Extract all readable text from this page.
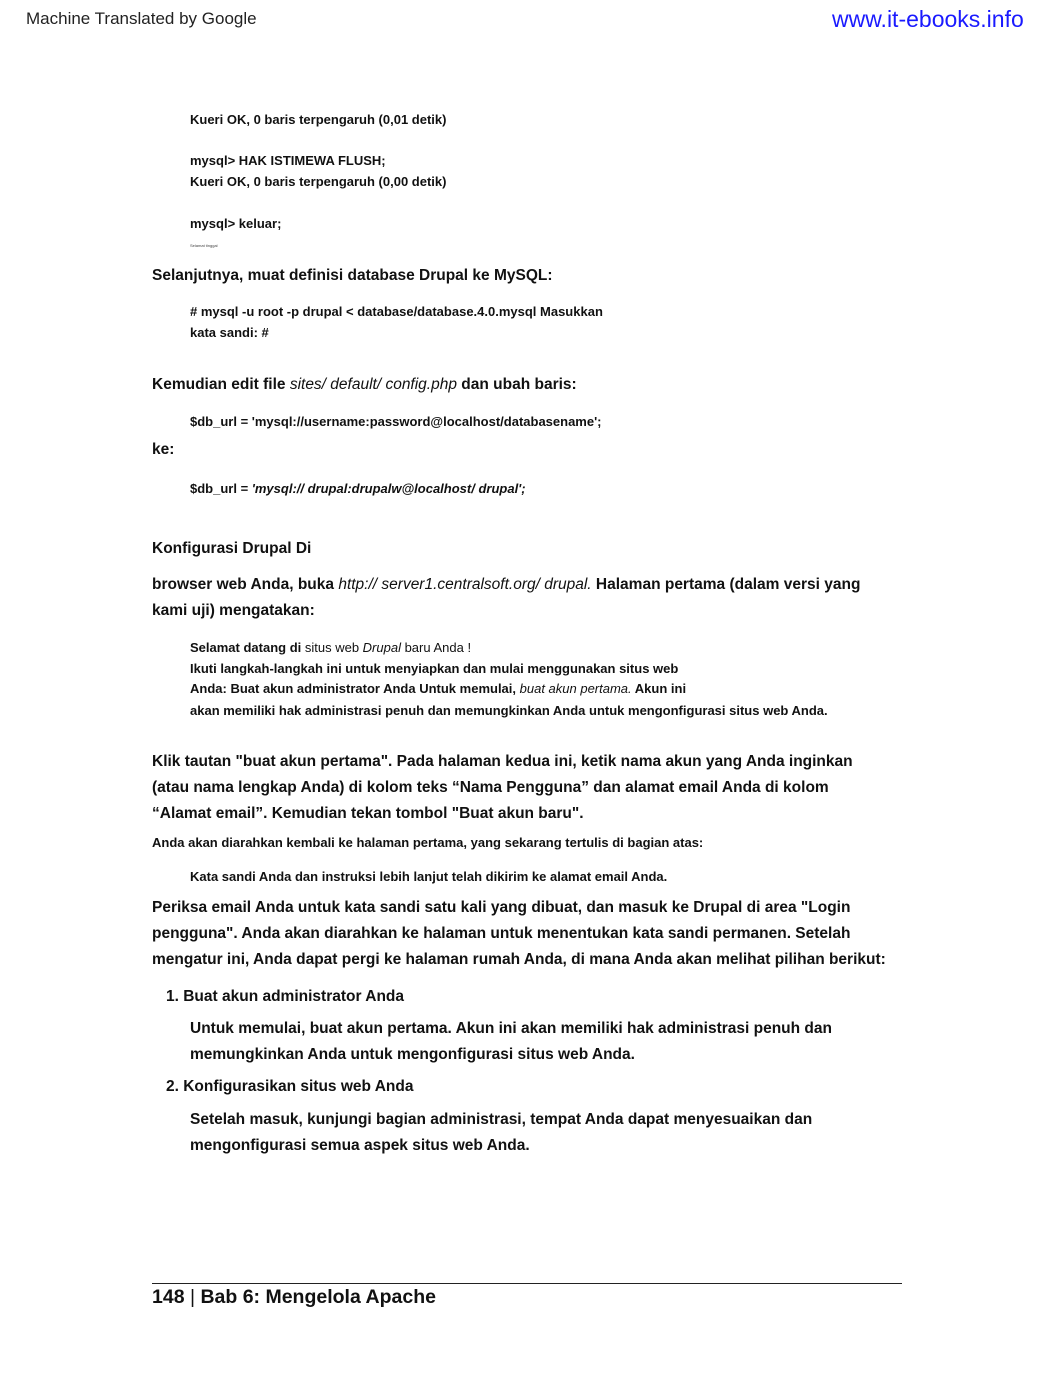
Machine Translated by Google	www.it-ebooks.info
Kueri OK, 0 baris terpengaruh (0,01 detik)
mysql> HAK ISTIMEWA FLUSH;
Kueri OK, 0 baris terpengaruh (0,00 detik)
mysql> keluar;
Selamat tinggal
Selanjutnya, muat definisi database Drupal ke MySQL:
# mysql -u root -p drupal < database/database.4.0.mysql Masukkan
kata sandi: #
Kemudian edit file sites/ default/ config.php dan ubah baris:
$db_url = 'mysql://username:password@localhost/databasename';
ke:
$db_url = 'mysql:// drupal:drupalw@localhost/ drupal';
Konfigurasi Drupal Di
browser web Anda, buka http:// server1.centralsoft.org/ drupal. Halaman pertama (dalam versi yang
kami uji) mengatakan:
Selamat datang di situs web Drupal baru Anda !
Ikuti langkah-langkah ini untuk menyiapkan dan mulai menggunakan situs web
Anda: Buat akun administrator Anda Untuk memulai, buat akun pertama. Akun ini
akan memiliki hak administrasi penuh dan memungkinkan Anda untuk mengonfigurasi situs web Anda.
Klik tautan "buat akun pertama". Pada halaman kedua ini, ketik nama akun yang Anda inginkan
(atau nama lengkap Anda) di kolom teks “Nama Pengguna” dan alamat email Anda di kolom
“Alamat email”. Kemudian tekan tombol "Buat akun baru".
Anda akan diarahkan kembali ke halaman pertama, yang sekarang tertulis di bagian atas:
Kata sandi Anda dan instruksi lebih lanjut telah dikirim ke alamat email Anda.
Periksa email Anda untuk kata sandi satu kali yang dibuat, dan masuk ke Drupal di area "Login
pengguna". Anda akan diarahkan ke halaman untuk menentukan kata sandi permanen. Setelah
mengatur ini, Anda dapat pergi ke halaman rumah Anda, di mana Anda akan melihat pilihan berikut:
1. Buat akun administrator Anda
Untuk memulai, buat akun pertama. Akun ini akan memiliki hak administrasi penuh dan
memungkinkan Anda untuk mengonfigurasi situs web Anda.
2. Konfigurasikan situs web Anda
Setelah masuk, kunjungi bagian administrasi, tempat Anda dapat menyesuaikan dan
mengonfigurasi semua aspek situs web Anda.
148 | Bab 6: Mengelola Apache
